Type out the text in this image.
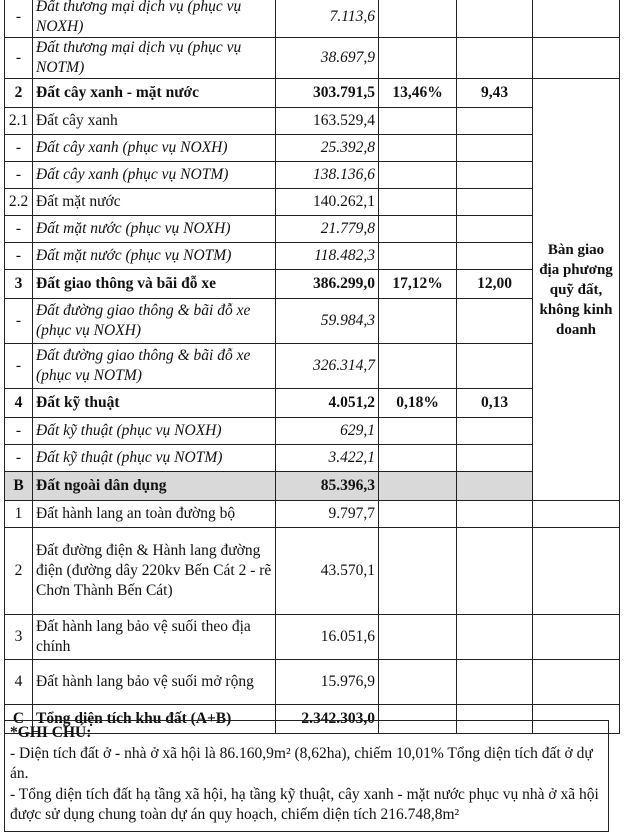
-	Đất thương mại dịch vụ (phục vụ NOXH)	7.113,6				
-	Đất thương mại dịch vụ (phục vụ NOTM)	38.697,9				
2	Đất cây xanh - mặt nước	303.791,5	13,46%	9,43	Bàn giao địa phương quỹ đất, không kinh doanh	
2.1	Đất cây xanh	163.529,4				
-	Đất cây xanh (phục vụ NOXH)	25.392,8				
-	Đất cây xanh (phục vụ NOTM)	138.136,6				
2.2	Đất mặt nước	140.262,1				
-	Đất mặt nước (phục vụ NOXH)	21.779,8				
-	Đất mặt nước (phục vụ NOTM)	118.482,3				
3	Đất giao thông và bãi đỗ xe	386.299,0	17,12%	12,00		
-	Đất đường giao thông & bãi đỗ xe (phục vụ NOXH)	59.984,3				
-	Đất đường giao thông & bãi đỗ xe (phục vụ NOTM)	326.314,7				
4	Đất kỹ thuật	4.051,2	0,18%	0,13		
-	Đất kỹ thuật (phục vụ NOXH)	629,1				
-	Đất kỹ thuật (phục vụ NOTM)	3.422,1				
B	Đất ngoài dân dụng	85.396,3				
1	Đất hành lang an toàn đường bộ	9.797,7				
2	Đất đường điện & Hành lang đường điện (đường dây 220kv Bến Cát 2 - rẽ Chơn Thành Bến Cát)	43.570,1				
3	Đất hành lang bảo vệ suối theo địa chính	16.051,6				
4	Đất hành lang bảo vệ suối mở rộng	15.976,9				
C	Tổng diện tích khu đất (A+B)	2.342.303,0				

*GHI CHÚ:

- Diện tích đất ở - nhà ở xã hội là 86.160,9m² (8,62ha), chiếm 10,01% Tổng diện tích đất ở dự án.

- Tổng diện tích đất hạ tầng xã hội, hạ tầng kỹ thuật, cây xanh - mặt nước phục vụ nhà ở xã hội được sử dụng chung toàn dự án quy hoạch, chiếm diện tích 216.748,8m²
